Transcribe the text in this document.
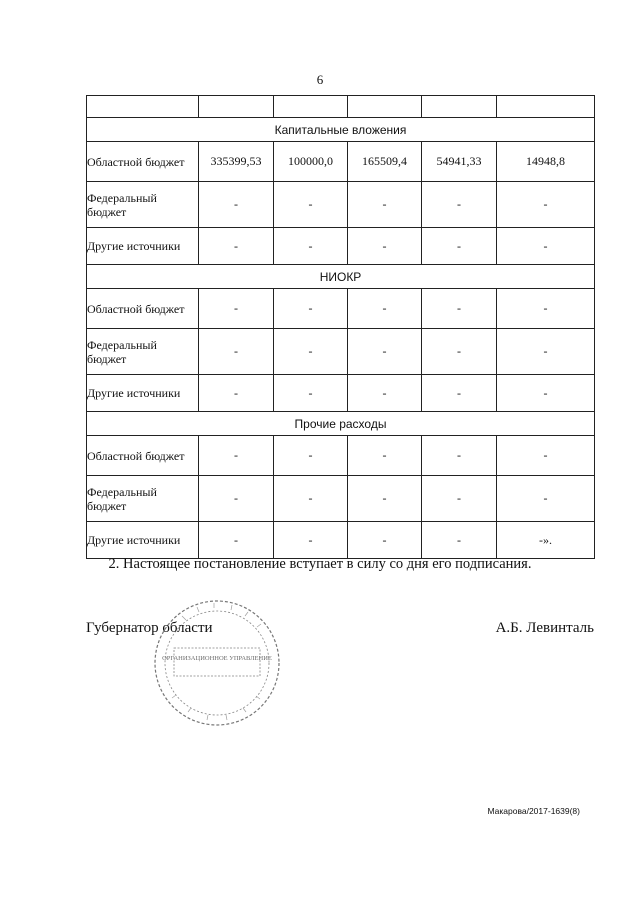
6

Капитальные вложения					
Областной бюджет	335399,53	100000,0	165509,4	54941,33	14948,8
Федеральный бюджет	-	-	-	-	-
Другие источники	-	-	-	-	-
НИОКР					
Областной бюджет	-	-	-	-	-
Федеральный бюджет	-	-	-	-	-
Другие источники	-	-	-	-	-
Прочие расходы					
Областной бюджет	-	-	-	-	-
Федеральный бюджет	-	-	-	-	-
Другие источники	-	-	-	-	-».
2. Настоящее постановление вступает в силу со дня его подписания.
ОРГАНИЗАЦИОННОЕ УПРАВЛЕНИЕ
Губернатор области	А.Б. Левинталь
Макарова/2017-1639(8)
